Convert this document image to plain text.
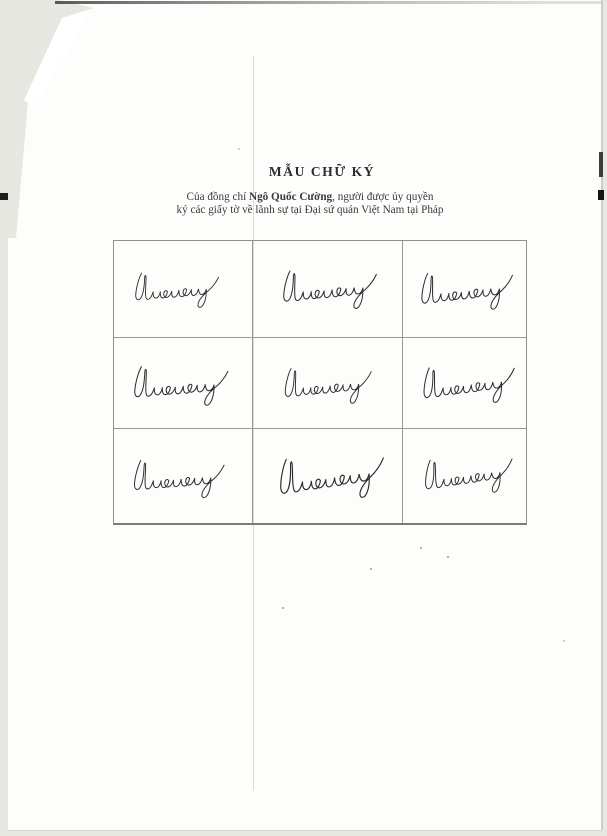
MẪU CHỮ KÝ
Của đồng chí Ngô Quốc Cường, người được ủy quyền
ký các giấy tờ về lãnh sự tại Đại sứ quán Việt Nam tại Pháp
